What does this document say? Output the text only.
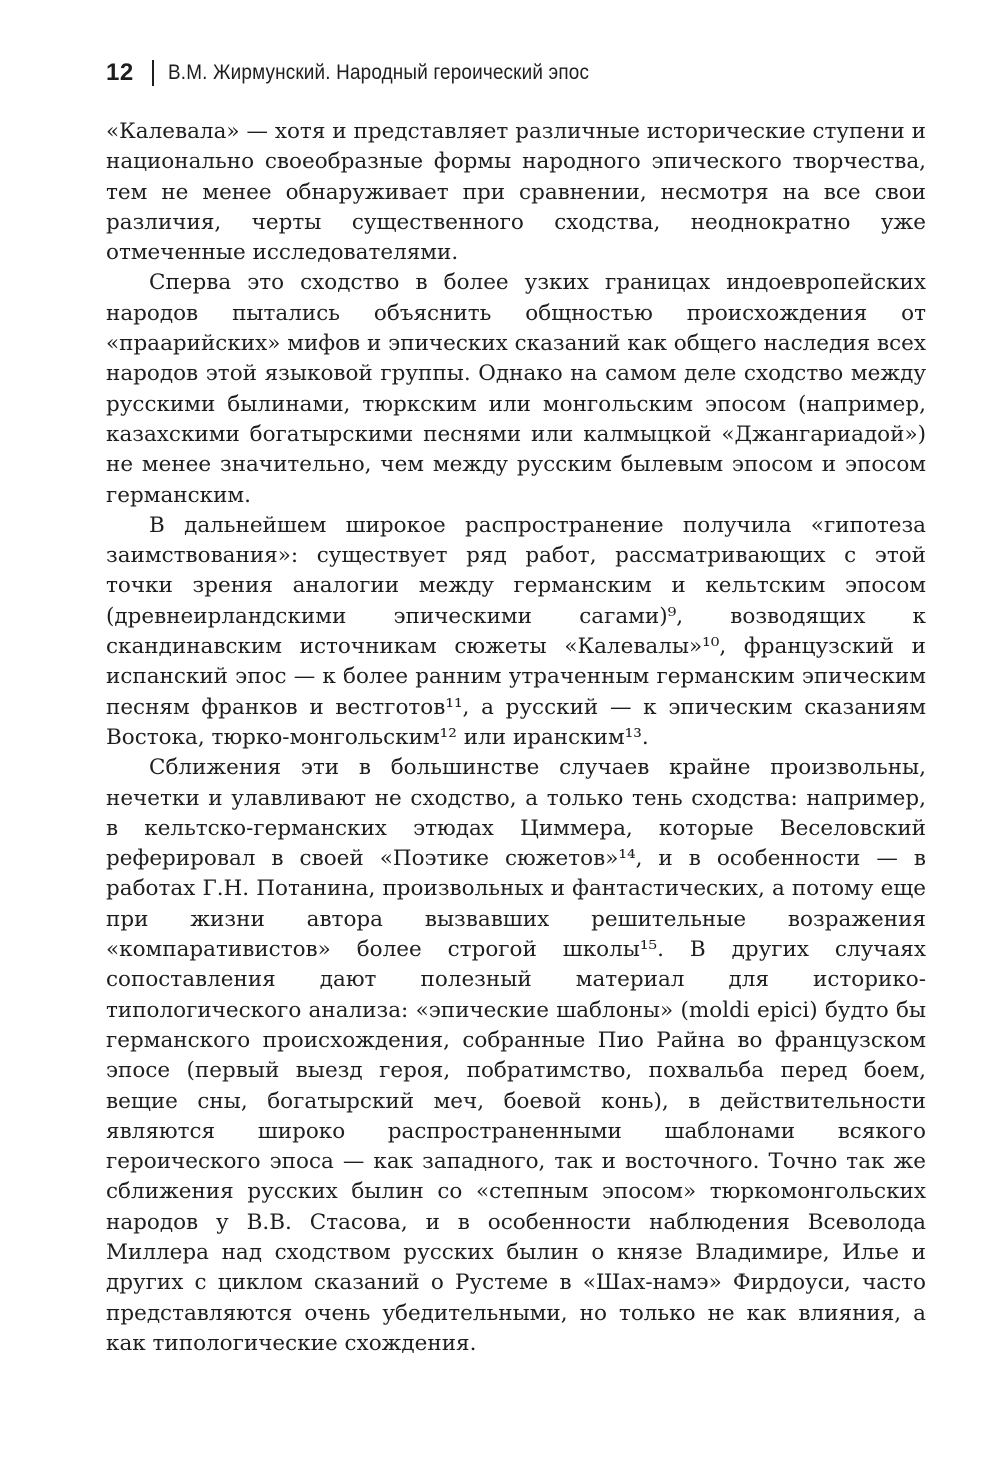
12 В.М. Жирмунский. Народный героический эпос

«Калевала» — хотя и представляет различные исторические ступени и национально своеобразные формы народного эпического творчества, тем не менее обнаруживает при сравнении, несмотря на все свои различия, черты существенного сходства, неоднократно уже отмеченные исследователями.

Сперва это сходство в более узких границах индоевропейских народов пытались объяснить общностью происхождения от «праарийских» мифов и эпических сказаний как общего наследия всех народов этой языковой группы. Однако на самом деле сходство между русскими былинами, тюркским или монгольским эпосом (например, казахскими богатырскими песнями или калмыцкой «Джангариадой») не менее значительно, чем между русским былевым эпосом и эпосом германским.

В дальнейшем широкое распространение получила «гипотеза заимствования»: существует ряд работ, рассматривающих с этой точки зрения аналогии между германским и кельтским эпосом (древнеирландскими эпическими сагами)⁹, возводящих к скандинавским источникам сюжеты «Калевалы»¹⁰, французский и испанский эпос — к более ранним утраченным германским эпическим песням франков и вестготов¹¹, а русский — к эпическим сказаниям Востока, тюрко-монгольским¹² или иранским¹³.

Сближения эти в большинстве случаев крайне произвольны, нечетки и улавливают не сходство, а только тень сходства: например, в кельтско-германских этюдах Циммера, которые Веселовский реферировал в своей «Поэтике сюжетов»¹⁴, и в особенности — в работах Г.Н. Потанина, произвольных и фантастических, а потому еще при жизни автора вызвавших решительные возражения «компаративистов» более строгой школы¹⁵. В других случаях сопоставления дают полезный материал для историко-типологического анализа: «эпические шаблоны» (moldi epici) будто бы германского происхождения, собранные Пио Райна во французском эпосе (первый выезд героя, побратимство, похвальба перед боем, вещие сны, богатырский меч, боевой конь), в действительности являются широко распространенными шаблонами всякого героического эпоса — как западного, так и восточного. Точно так же сближения русских былин со «степным эпосом» тюркомонгольских народов у В.В. Стасова, и в особенности наблюдения Всеволода Миллера над сходством русских былин о князе Владимире, Илье и других с циклом сказаний о Рустеме в «Шах-намэ» Фирдоуси, часто представляются очень убедительными, но только не как влияния, а как типологические схождения.
